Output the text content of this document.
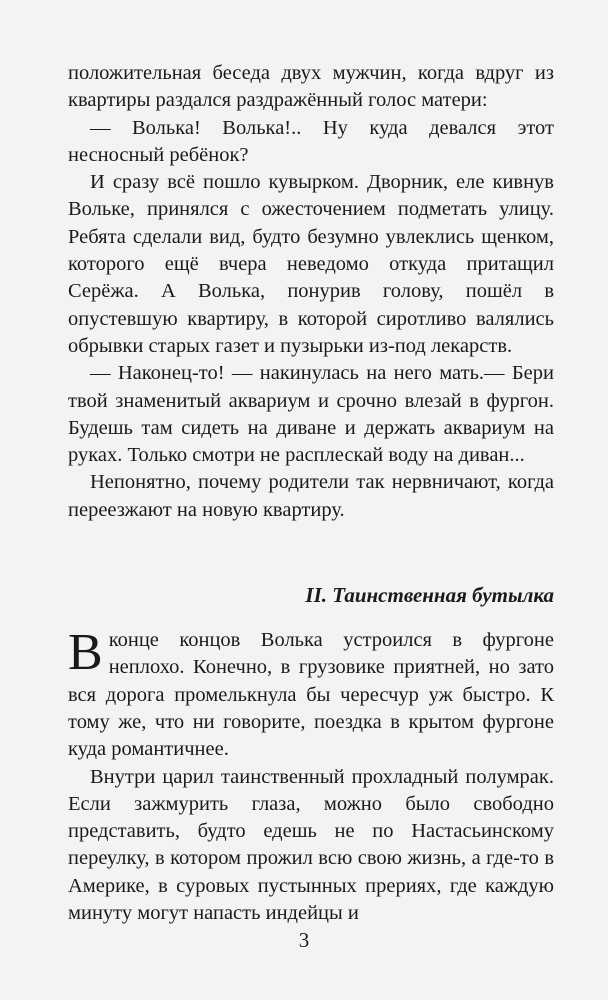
положительная беседа двух мужчин, когда вдруг из квартиры раздался раздражённый голос матери:

— Волька! Волька!.. Ну куда девался этот несносный ребёнок?

И сразу всё пошло кувырком. Дворник, еле кивнув Вольке, принялся с ожесточением подметать улицу. Ребята сделали вид, будто безумно увлеклись щенком, которого ещё вчера неведомо откуда притащил Серёжа. А Волька, понурив голову, пошёл в опустевшую квартиру, в которой сиротливо валялись обрывки старых газет и пузырьки из-под лекарств.

— Наконец-то! — накинулась на него мать.— Бери твой знаменитый аквариум и срочно влезай в фургон. Будешь там сидеть на диване и держать аквариум на руках. Только смотри не расплескай воду на диван...

Непонятно, почему родители так нервничают, когда переезжают на новую квартиру.

II. Таинственная бутылка

В конце концов Волька устроился в фургоне неплохо. Конечно, в грузовике приятней, но зато вся дорога промелькнула бы чересчур уж быстро. К тому же, что ни говорите, поездка в крытом фургоне куда романтичнее.

Внутри царил таинственный прохладный полумрак. Если зажмурить глаза, можно было свободно представить, будто едешь не по Настасьинскому переулку, в котором прожил всю свою жизнь, а где-то в Америке, в суровых пустынных прериях, где каждую минуту могут напасть индейцы и

3
